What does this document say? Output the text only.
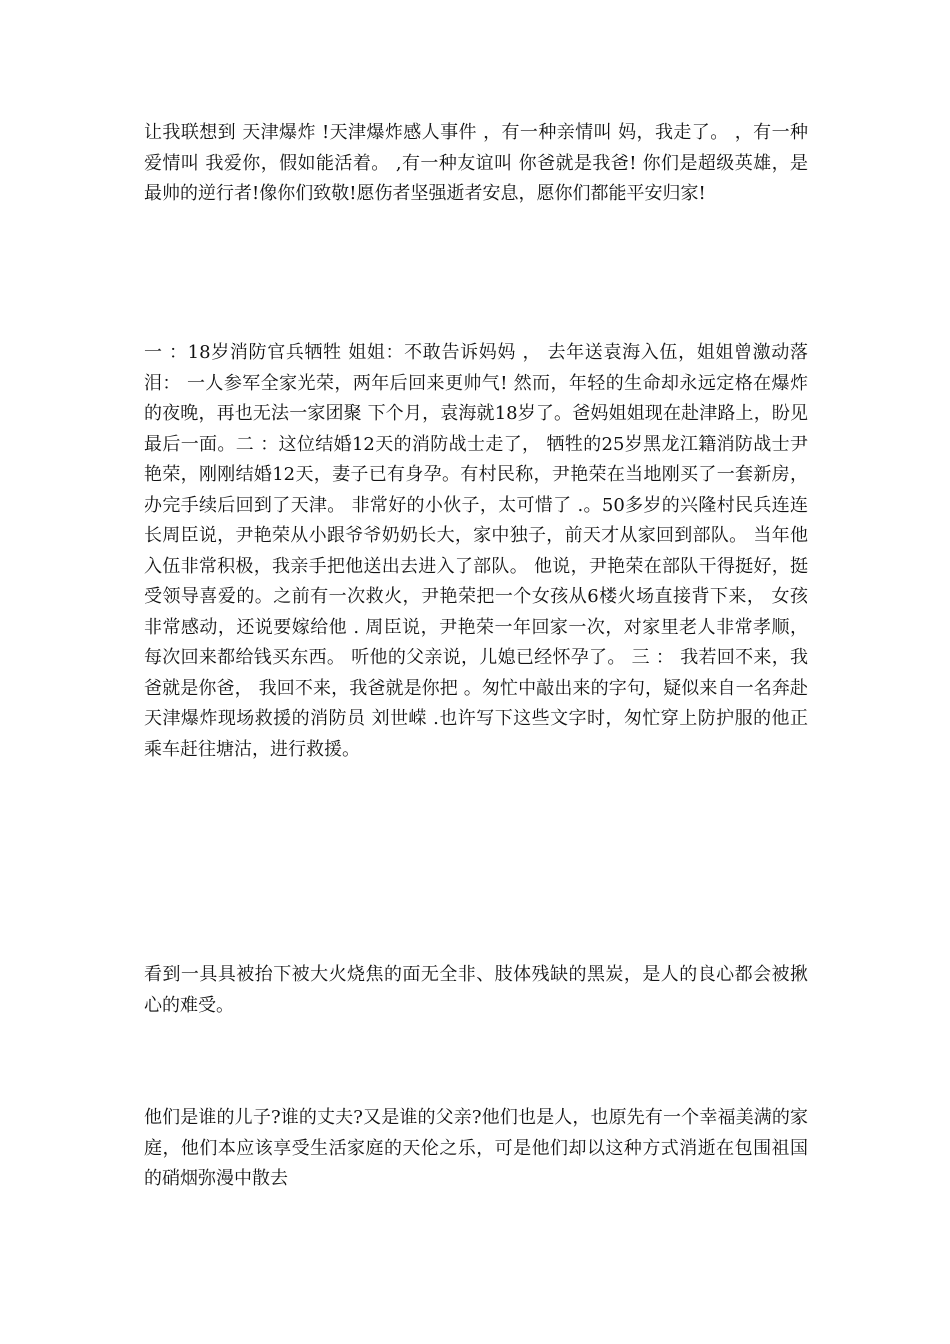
让我联想到 天津爆炸 !天津爆炸感人事件 ，有一种亲情叫 妈，我走了。 ，有一种爱情叫 我爱你，假如能活着。 ,有一种友谊叫 你爸就是我爸! 你们是超级英雄，是最帅的逆行者!像你们致敬!愿伤者坚强逝者安息，愿你们都能平安归家!

一 ：18岁消防官兵牺牲 姐姐：不敢告诉妈妈 ， 去年送袁海入伍，姐姐曾激动落泪： 一人参军全家光荣，两年后回来更帅气! 然而，年轻的生命却永远定格在爆炸的夜晚，再也无法一家团聚 下个月，袁海就18岁了。爸妈姐姐现在赴津路上，盼见最后一面。二 ：这位结婚12天的消防战士走了， 牺牲的25岁黑龙江籍消防战士尹艳荣，刚刚结婚12天，妻子已有身孕。有村民称，尹艳荣在当地刚买了一套新房，办完手续后回到了天津。 非常好的小伙子，太可惜了 .。50多岁的兴隆村民兵连连长周臣说，尹艳荣从小跟爷爷奶奶长大，家中独子，前天才从家回到部队。 当年他入伍非常积极，我亲手把他送出去进入了部队。 他说，尹艳荣在部队干得挺好，挺受领导喜爱的。之前有一次救火，尹艳荣把一个女孩从6楼火场直接背下来， 女孩非常感动，还说要嫁给他 . 周臣说，尹艳荣一年回家一次，对家里老人非常孝顺，每次回来都给钱买东西。 听他的父亲说，儿媳已经怀孕了。 三 ： 我若回不来，我爸就是你爸， 我回不来，我爸就是你把 。匆忙中敲出来的字句，疑似来自一名奔赴天津爆炸现场救援的消防员 刘世嵘 .也许写下这些文字时，匆忙穿上防护服的他正乘车赶往塘沽，进行救援。

看到一具具被抬下被大火烧焦的面无全非、肢体残缺的黑炭，是人的良心都会被揪心的难受。

他们是谁的儿子?谁的丈夫?又是谁的父亲?他们也是人，也原先有一个幸福美满的家庭，他们本应该享受生活家庭的天伦之乐，可是他们却以这种方式消逝在包围祖国的硝烟弥漫中散去
